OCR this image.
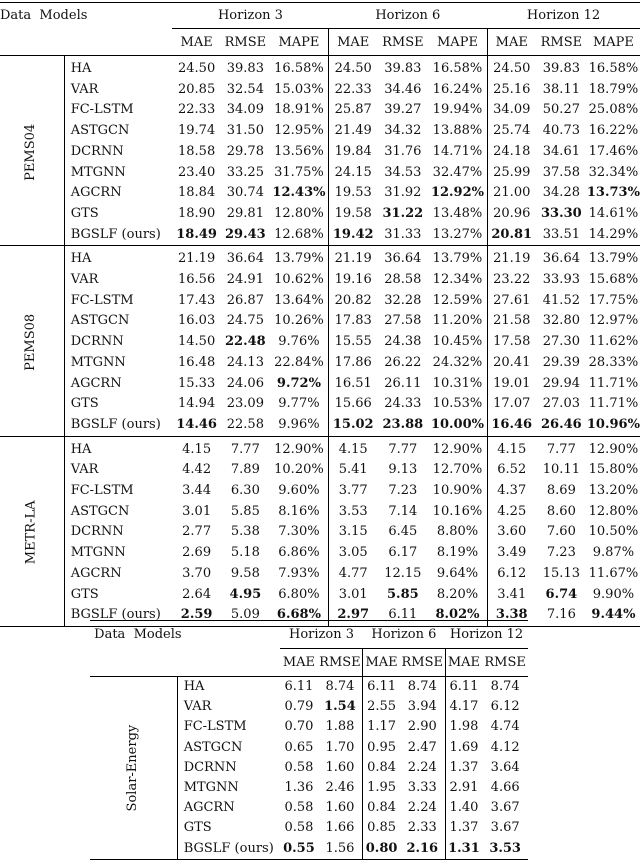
Data Models		Horizon 3			Horizon 6			Horizon 12		
		MAE	RMSE	MAPE	MAE	RMSE	MAPE	MAE	RMSE	MAPE
PEMS04	HA	24.50	39.83	16.58%	24.50	39.83	16.58%	24.50	39.83	16.58%
	VAR	20.85	32.54	15.03%	22.33	34.46	16.24%	25.16	38.11	18.79%
	FC-LSTM	22.33	34.09	18.91%	25.87	39.27	19.94%	34.09	50.27	25.08%
	ASTGCN	19.74	31.50	12.95%	21.49	34.32	13.88%	25.74	40.73	16.22%
	DCRNN	18.58	29.78	13.56%	19.84	31.76	14.71%	24.18	34.61	17.46%
	MTGNN	23.40	33.25	31.75%	24.15	34.53	32.47%	25.99	37.58	32.34%
	AGCRN	18.84	30.74	12.43%	19.53	31.92	12.92%	21.00	34.28	13.73%
	GTS	18.90	29.81	12.80%	19.58	31.22	13.48%	20.96	33.30	14.61%
	BGSLF (ours)	18.49	29.43	12.68%	19.42	31.33	13.27%	20.81	33.51	14.29%
PEMS08	HA	21.19	36.64	13.79%	21.19	36.64	13.79%	21.19	36.64	13.79%
	VAR	16.56	24.91	10.62%	19.16	28.58	12.34%	23.22	33.93	15.68%
	FC-LSTM	17.43	26.87	13.64%	20.82	32.28	12.59%	27.61	41.52	17.75%
	ASTGCN	16.03	24.75	10.26%	17.83	27.58	11.20%	21.58	32.80	12.97%
	DCRNN	14.50	22.48	9.76%	15.55	24.38	10.45%	17.58	27.30	11.62%
	MTGNN	16.48	24.13	22.84%	17.86	26.22	24.32%	20.41	29.39	28.33%
	AGCRN	15.33	24.06	9.72%	16.51	26.11	10.31%	19.01	29.94	11.71%
	GTS	14.94	23.09	9.77%	15.66	24.33	10.53%	17.07	27.03	11.71%
	BGSLF (ours)	14.46	22.58	9.96%	15.02	23.88	10.00%	16.46	26.46	10.96%
METR-LA	HA	4.15	7.77	12.90%	4.15	7.77	12.90%	4.15	7.77	12.90%
	VAR	4.42	7.89	10.20%	5.41	9.13	12.70%	6.52	10.11	15.80%
	FC-LSTM	3.44	6.30	9.60%	3.77	7.23	10.90%	4.37	8.69	13.20%
	ASTGCN	3.01	5.85	8.16%	3.53	7.14	10.16%	4.25	8.60	12.80%
	DCRNN	2.77	5.38	7.30%	3.15	6.45	8.80%	3.60	7.60	10.50%
	MTGNN	2.69	5.18	6.86%	3.05	6.17	8.19%	3.49	7.23	9.87%
	AGCRN	3.70	9.58	7.93%	4.77	12.15	9.64%	6.12	15.13	11.67%
	GTS	2.64	4.95	6.80%	3.01	5.85	8.20%	3.41	6.74	9.90%
	BGSLF (ours)	2.59	5.09	6.68%	2.97	6.11	8.02%	3.38	7.16	9.44%
Data Models		Horizon 3		Horizon 6		Horizon 12	
		MAE	RMSE	MAE	RMSE	MAE	RMSE
Solar-Energy	HA	6.11	8.74	6.11	8.74	6.11	8.74
	VAR	0.79	1.54	2.55	3.94	4.17	6.12
	FC-LSTM	0.70	1.88	1.17	2.90	1.98	4.74
	ASTGCN	0.65	1.70	0.95	2.47	1.69	4.12
	DCRNN	0.58	1.60	0.84	2.24	1.37	3.64
	MTGNN	1.36	2.46	1.95	3.33	2.91	4.66
	AGCRN	0.58	1.60	0.84	2.24	1.40	3.67
	GTS	0.58	1.66	0.85	2.33	1.37	3.67
	BGSLF (ours)	0.55	1.56	0.80	2.16	1.31	3.53
